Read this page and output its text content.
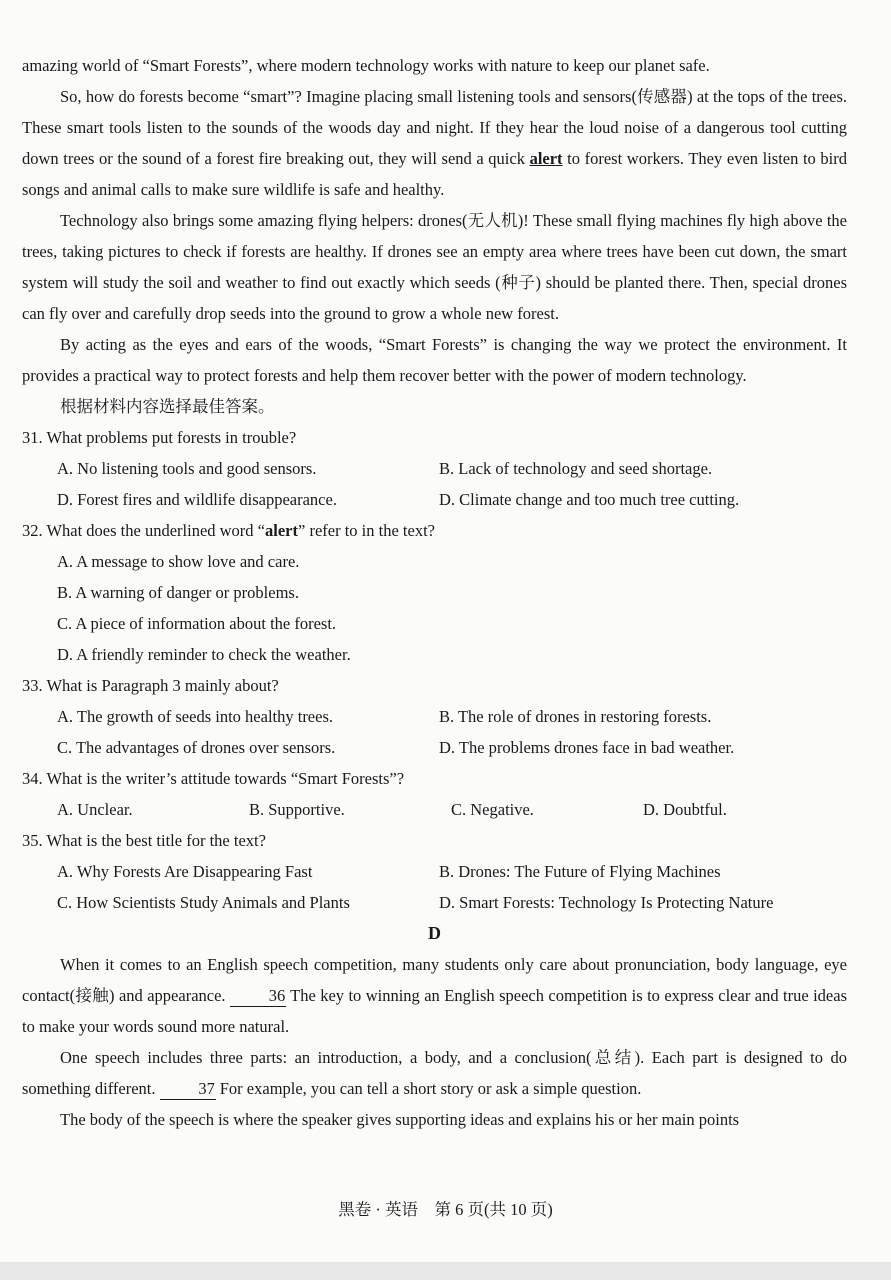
amazing world of “Smart Forests”, where modern technology works with nature to keep our planet safe.

So, how do forests become “smart”? Imagine placing small listening tools and sensors(传感器) at the tops of the trees. These smart tools listen to the sounds of the woods day and night. If they hear the loud noise of a dangerous tool cutting down trees or the sound of a forest fire breaking out, they will send a quick alert to forest workers. They even listen to bird songs and animal calls to make sure wildlife is safe and healthy.

Technology also brings some amazing flying helpers: drones(无人机)! These small flying machines fly high above the trees, taking pictures to check if forests are healthy. If drones see an empty area where trees have been cut down, the smart system will study the soil and weather to find out exactly which seeds (种子) should be planted there. Then, special drones can fly over and carefully drop seeds into the ground to grow a whole new forest.

By acting as the eyes and ears of the woods, “Smart Forests” is changing the way we protect the environment. It provides a practical way to protect forests and help them recover better with the power of modern technology.

根据材料内容选择最佳答案。

31. What problems put forests in trouble?

A. No listening tools and good sensors.	B. Lack of technology and seed shortage.
D. Forest fires and wildlife disappearance.	D. Climate change and too much tree cutting.

32. What does the underlined word “alert” refer to in the text?

A. A message to show love and care.
B. A warning of danger or problems.
C. A piece of information about the forest.
D. A friendly reminder to check the weather.

33. What is Paragraph 3 mainly about?

A. The growth of seeds into healthy trees.	B. The role of drones in restoring forests.
C. The advantages of drones over sensors.	D. The problems drones face in bad weather.

34. What is the writer’s attitude towards “Smart Forests”?

A. Unclear.	B. Supportive.	C. Negative.	D. Doubtful.

35. What is the best title for the text?

A. Why Forests Are Disappearing Fast	B. Drones: The Future of Flying Machines
C. How Scientists Study Animals and Plants	D. Smart Forests: Technology Is Protecting Nature

D

When it comes to an English speech competition, many students only care about pronunciation, body language, eye contact(接触) and appearance. 36 The key to winning an English speech competition is to express clear and true ideas to make your words sound more natural.

One speech includes three parts: an introduction, a body, and a conclusion(总结). Each part is designed to do something different. 37 For example, you can tell a short story or ask a simple question.

The body of the speech is where the speaker gives supporting ideas and explains his or her main points

黑卷 · 英语　第 6 页(共 10 页)
